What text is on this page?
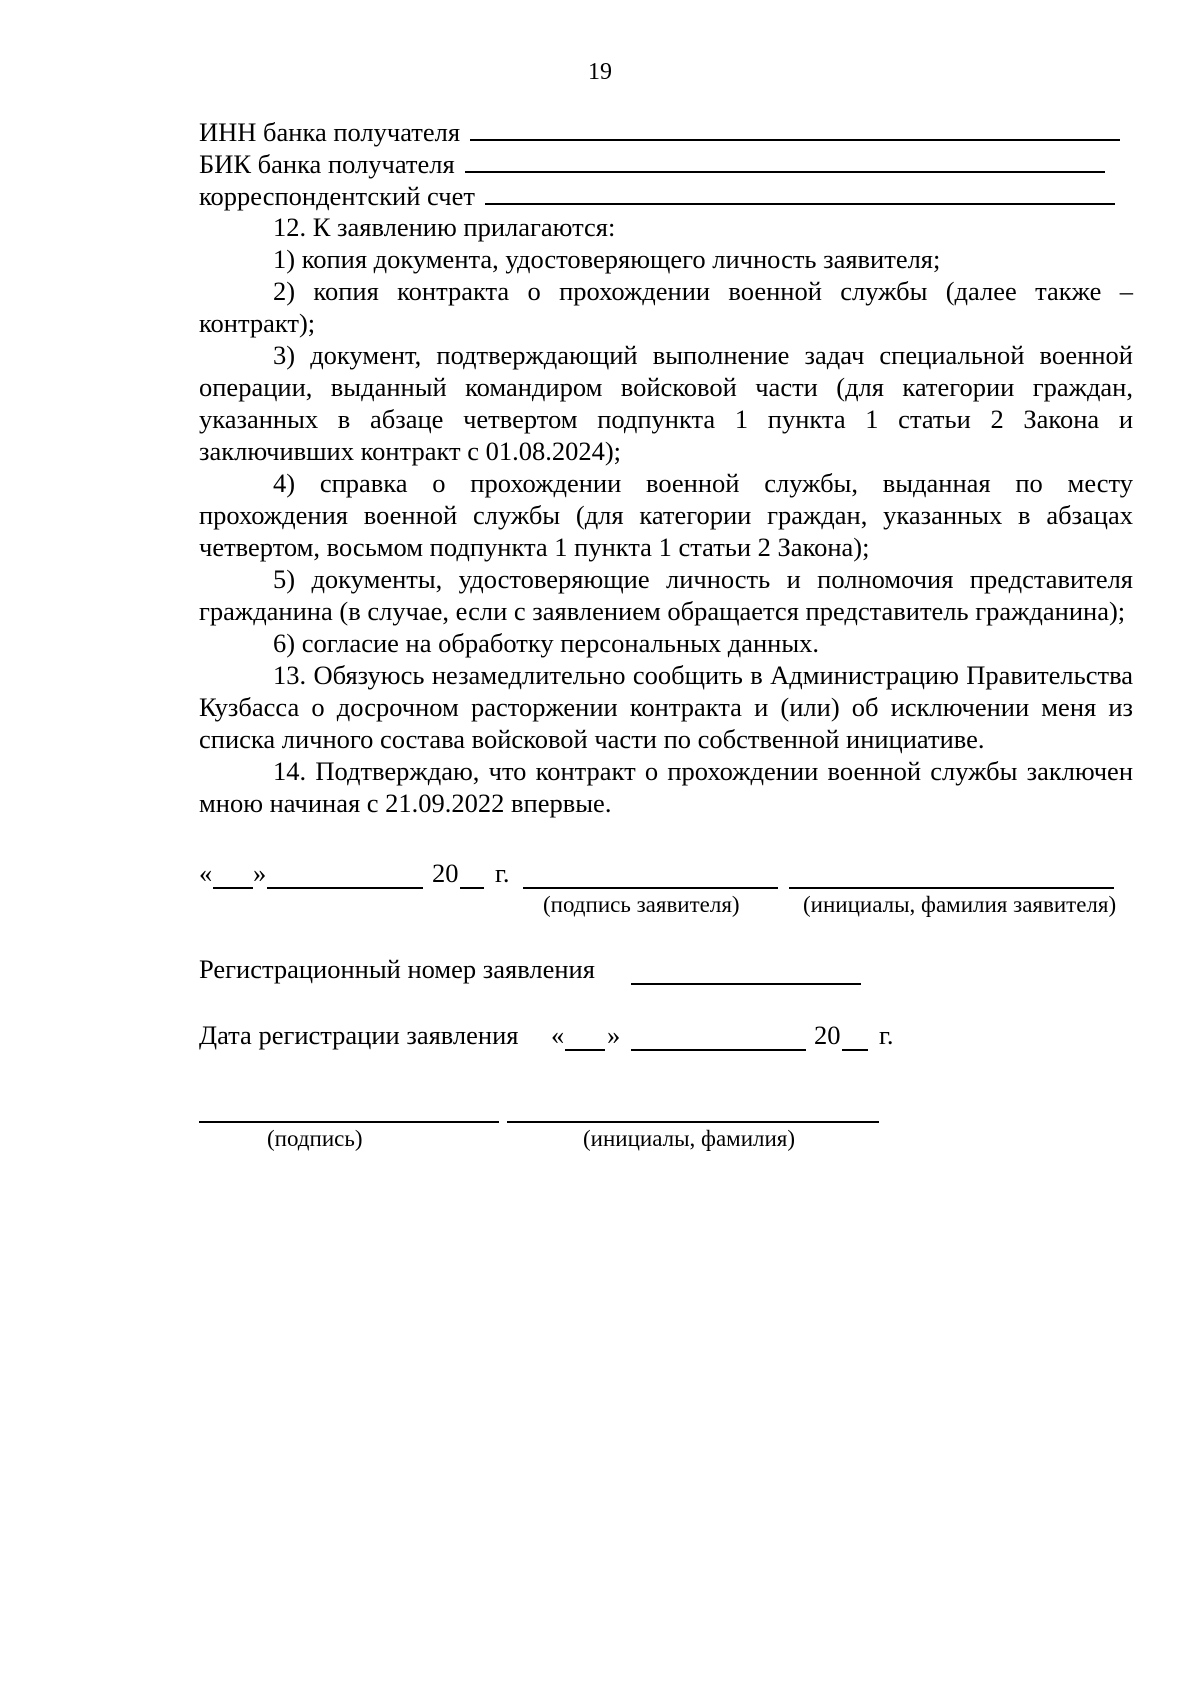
19
ИНН банка получателя
БИК банка получателя
корреспондентский счет

12. К заявлению прилагаются:

1) копия документа, удостоверяющего личность заявителя;

2) копия контракта о прохождении военной службы (далее также – контракт);

3) документ, подтверждающий выполнение задач специальной военной операции, выданный командиром войсковой части (для категории граждан, указанных в абзаце четвертом подпункта 1 пункта 1 статьи 2 Закона и заключивших контракт с 01.08.2024);

4) справка о прохождении военной службы, выданная по месту прохождения военной службы (для категории граждан, указанных в абзацах четвертом, восьмом подпункта 1 пункта 1 статьи 2 Закона);

5) документы, удостоверяющие личность и полномочия представителя гражданина (в случае, если с заявлением обращается представитель гражданина);

6) согласие на обработку персональных данных.

13. Обязуюсь незамедлительно сообщить в Администрацию Правительства Кузбасса о досрочном расторжении контракта и (или) об исключении меня из списка личного состава войсковой части по собственной инициативе.

14. Подтверждаю, что контракт о прохождении военной службы заключен мною начиная с 21.09.2022 впервые.

« »	20 г.
(подпись заявителя)	(инициалы, фамилия заявителя)
Регистрационный номер заявления
Дата регистрации заявления « »	20 г.
(подпись)	(инициалы, фамилия)
